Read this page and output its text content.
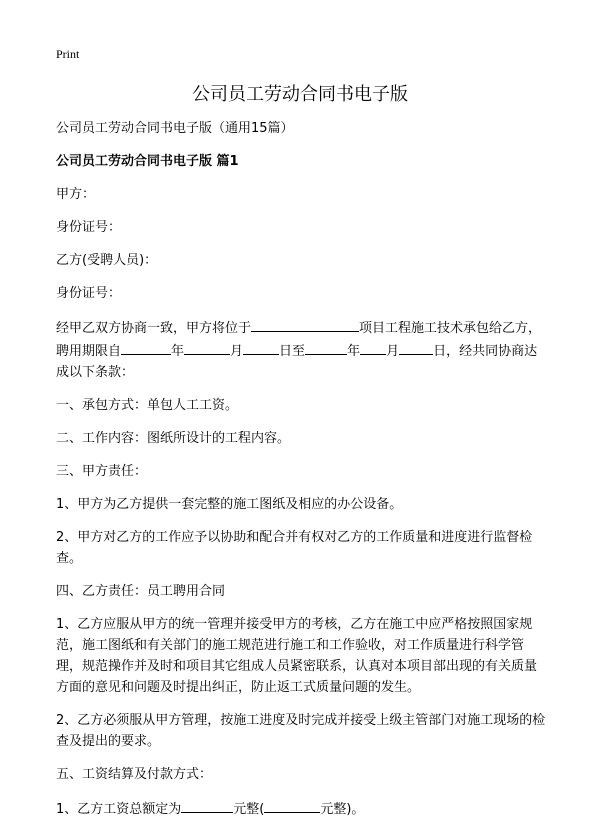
Print
公司员工劳动合同书电子版

公司员工劳动合同书电子版（通用15篇）

公司员工劳动合同书电子版 篇1

甲方：

身份证号：

乙方(受聘人员)：

身份证号：

经甲乙双方协商一致，甲方将位于	项目工程施工技术承包给乙方，聘用期限自	年	月	日至	年 月	日，经共同协商达成以下条款：

一、承包方式：单包人工工资。

二、工作内容：图纸所设计的工程内容。

三、甲方责任：

1、甲方为乙方提供一套完整的施工图纸及相应的办公设备。

2、甲方对乙方的工作应予以协助和配合并有权对乙方的工作质量和进度进行监督检查。

四、乙方责任：员工聘用合同

1、乙方应服从甲方的统一管理并接受甲方的考核，乙方在施工中应严格按照国家规范，施工图纸和有关部门的施工规范进行施工和工作验收，对工作质量进行科学管理，规范操作并及时和项目其它组成人员紧密联系，认真对本项目部出现的有关质量方面的意见和问题及时提出纠正，防止返工式质量问题的发生。

2、乙方必须服从甲方管理，按施工进度及时完成并接受上级主管部门对施工现场的检查及提出的要求。

五、工资结算及付款方式：

1、乙方工资总额定为	元整(	元整)。
